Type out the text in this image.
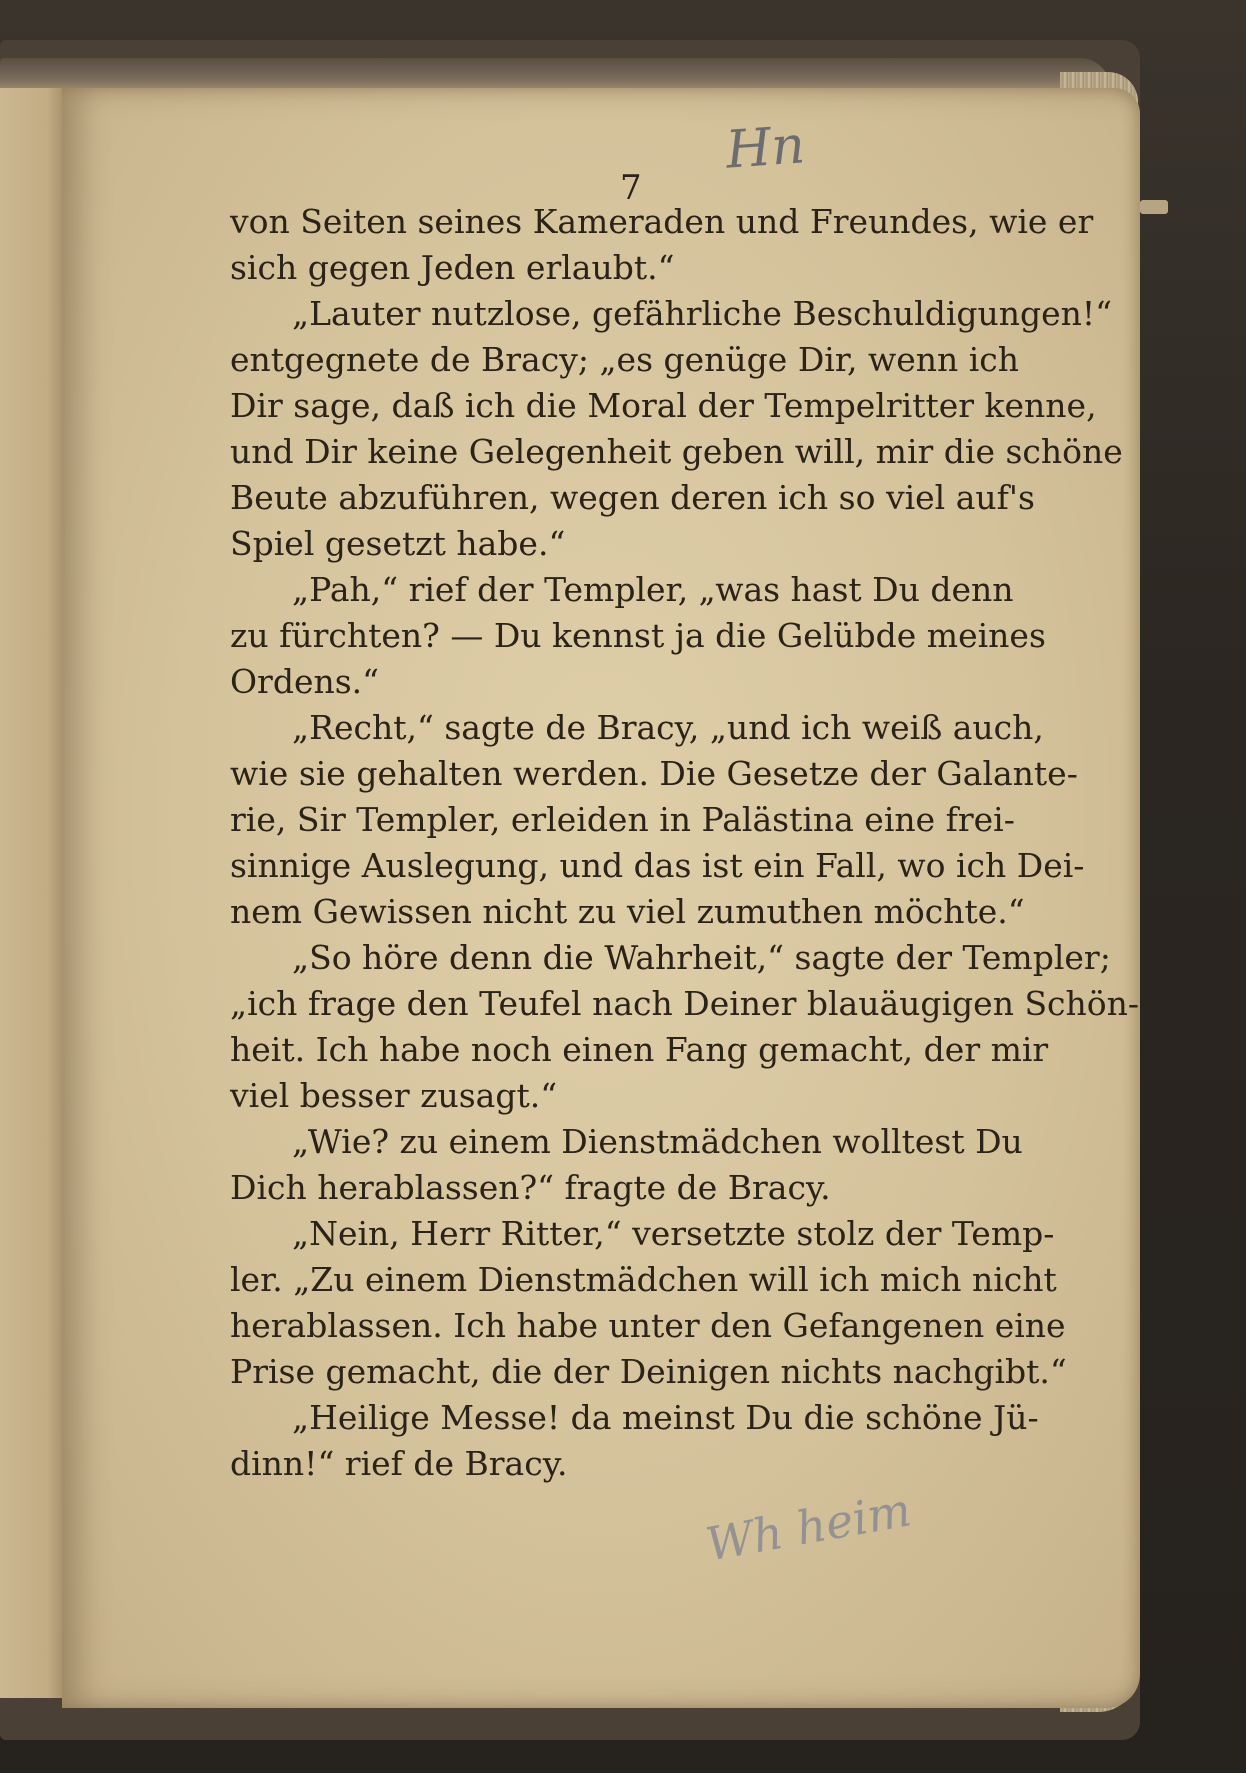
7
Hn
von Seiten seines Kameraden und Freundes, wie er
sich gegen Jeden erlaubt.“
„Lauter nutzlose, gefährliche Beschuldigungen!“
entgegnete de Bracy; „es genüge Dir, wenn ich
Dir sage, daß ich die Moral der Tempelritter kenne,
und Dir keine Gelegenheit geben will, mir die schöne
Beute abzuführen, wegen deren ich so viel auf's
Spiel gesetzt habe.“
„Pah,“ rief der Templer, „was hast Du denn
zu fürchten? — Du kennst ja die Gelübde meines
Ordens.“
„Recht,“ sagte de Bracy, „und ich weiß auch,
wie sie gehalten werden. Die Gesetze der Galante-
rie, Sir Templer, erleiden in Palästina eine frei-
sinnige Auslegung, und das ist ein Fall, wo ich Dei-
nem Gewissen nicht zu viel zumuthen möchte.“
„So höre denn die Wahrheit,“ sagte der Templer;
„ich frage den Teufel nach Deiner blauäugigen Schön-
heit. Ich habe noch einen Fang gemacht, der mir
viel besser zusagt.“
„Wie? zu einem Dienstmädchen wolltest Du
Dich herablassen?“ fragte de Bracy.
„Nein, Herr Ritter,“ versetzte stolz der Temp-
ler. „Zu einem Dienstmädchen will ich mich nicht
herablassen. Ich habe unter den Gefangenen eine
Prise gemacht, die der Deinigen nichts nachgibt.“
„Heilige Messe! da meinst Du die schöne Jü-
dinn!“ rief de Bracy.
Wh heim
